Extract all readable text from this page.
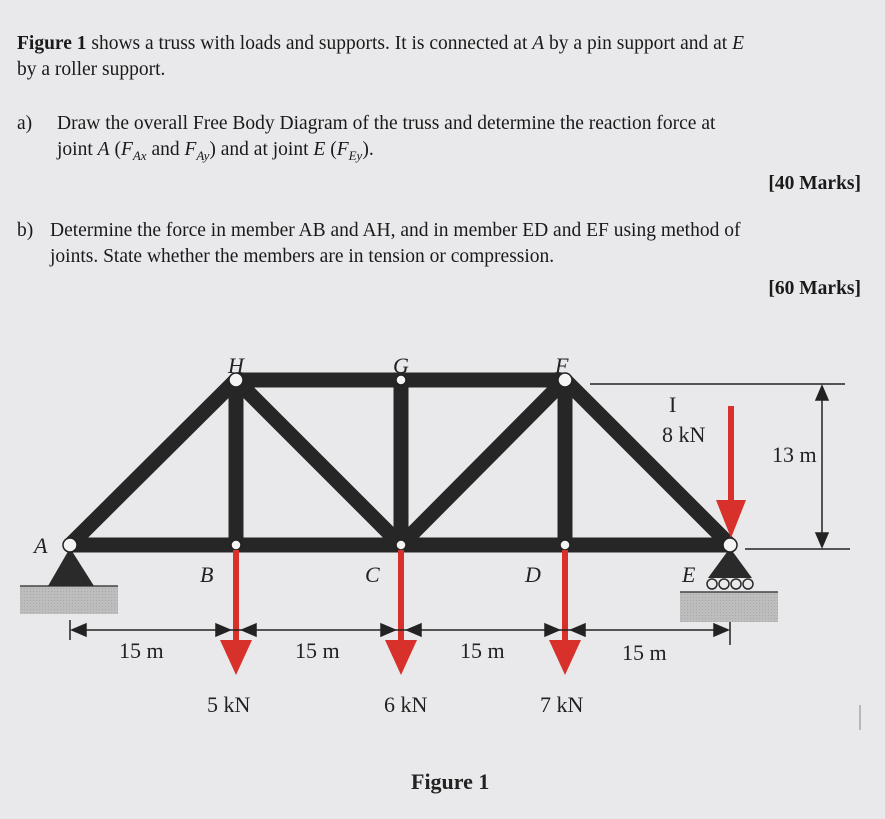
Figure 1 shows a truss with loads and supports. It is connected at A by a pin support and at E
by a roller support.
a) Draw the overall Free Body Diagram of the truss and determine the reaction force at
joint A ($F_{Ax}$ and $F_{Ay}$) and at joint E $(F_{Ey})$.
[40 Marks]
b) Determine the force in member AB and AH, and in member ED and EF using method of
joints. State whether the members are in tension or compression.
[60 Marks]
A
B	C	D	E
F
G
H
5 kN	6 kN	7 kN
8 kN
I
15 m	15 m	15 m	15 m
13 m
Figure 1
